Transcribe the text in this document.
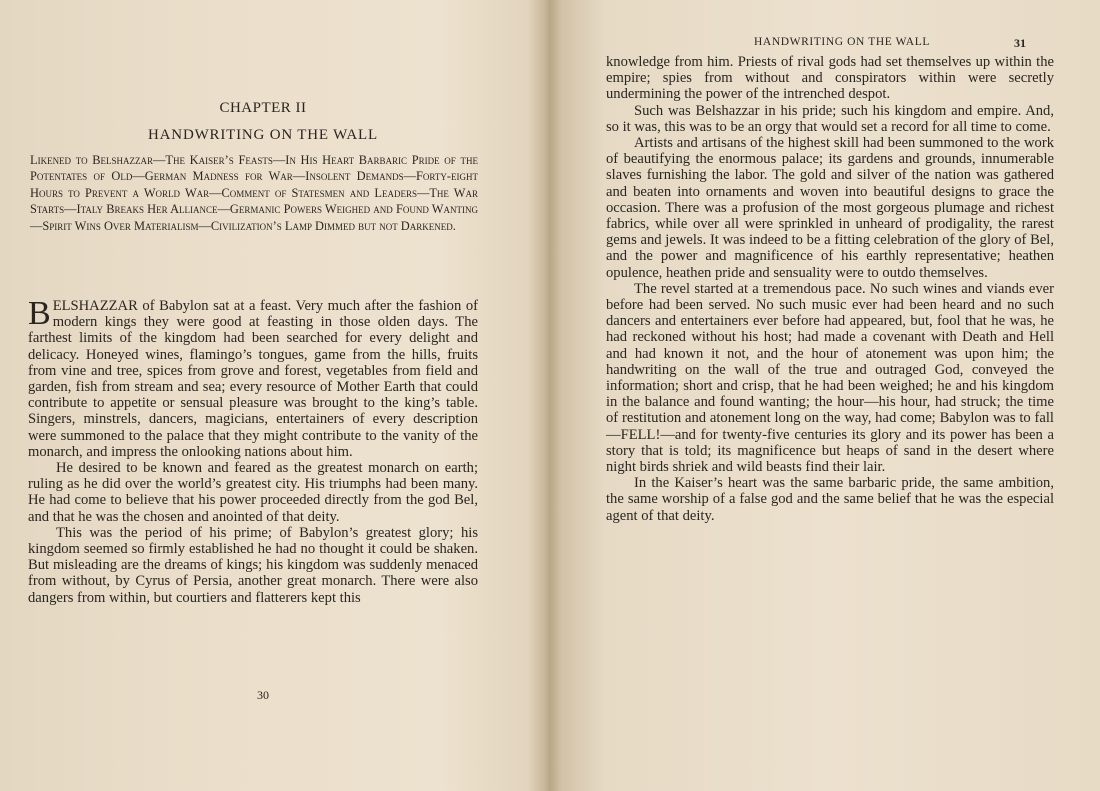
CHAPTER II
HANDWRITING ON THE WALL
Likened to Belshazzar—The Kaiser’s Feasts—In His Heart Barbaric Pride of the Potentates of Old—German Madness for War—Insolent Demands—Forty-eight Hours to Prevent a World War—Comment of Statesmen and Leaders—The War Starts—Italy Breaks Her Alliance—Germanic Powers Weighed and Found Wanting—Spirit Wins Over Materialism—Civilization’s Lamp Dimmed but not Darkened.

BELSHAZZAR of Babylon sat at a feast. Very much after the fashion of modern kings they were good at feasting in those olden days. The farthest limits of the kingdom had been searched for every delight and delicacy. Honeyed wines, flamingo’s tongues, game from the hills, fruits from vine and tree, spices from grove and forest, vegetables from field and garden, fish from stream and sea; every resource of Mother Earth that could contribute to appetite or sensual pleasure was brought to the king’s table. Singers, minstrels, dancers, magicians, entertainers of every description were summoned to the palace that they might contribute to the vanity of the monarch, and impress the onlooking nations about him.

He desired to be known and feared as the greatest monarch on earth; ruling as he did over the world’s greatest city. His triumphs had been many. He had come to believe that his power proceeded directly from the god Bel, and that he was the chosen and anointed of that deity.

This was the period of his prime; of Babylon’s greatest glory; his kingdom seemed so firmly established he had no thought it could be shaken. But misleading are the dreams of kings; his kingdom was suddenly menaced from without, by Cyrus of Persia, another great monarch. There were also dangers from within, but courtiers and flatterers kept this

30
HANDWRITING ON THE WALL	31

knowledge from him. Priests of rival gods had set themselves up within the empire; spies from without and conspirators within were secretly undermining the power of the intrenched despot.

Such was Belshazzar in his pride; such his kingdom and empire. And, so it was, this was to be an orgy that would set a record for all time to come.

Artists and artisans of the highest skill had been summoned to the work of beautifying the enormous palace; its gardens and grounds, innumerable slaves furnishing the labor. The gold and silver of the nation was gathered and beaten into ornaments and woven into beautiful designs to grace the occasion. There was a profusion of the most gorgeous plumage and richest fabrics, while over all were sprinkled in unheard of prodigality, the rarest gems and jewels. It was indeed to be a fitting celebration of the glory of Bel, and the power and magnificence of his earthly representative; heathen opulence, heathen pride and sensuality were to outdo themselves.

The revel started at a tremendous pace. No such wines and viands ever before had been served. No such music ever had been heard and no such dancers and entertainers ever before had appeared, but, fool that he was, he had reckoned without his host; had made a covenant with Death and Hell and had known it not, and the hour of atonement was upon him; the handwriting on the wall of the true and outraged God, conveyed the information; short and crisp, that he had been weighed; he and his kingdom in the balance and found wanting; the hour—his hour, had struck; the time of restitution and atonement long on the way, had come; Babylon was to fall—FELL!—and for twenty-five centuries its glory and its power has been a story that is told; its magnificence but heaps of sand in the desert where night birds shriek and wild beasts find their lair.

In the Kaiser’s heart was the same barbaric pride, the same ambition, the same worship of a false god and the same belief that he was the especial agent of that deity.
